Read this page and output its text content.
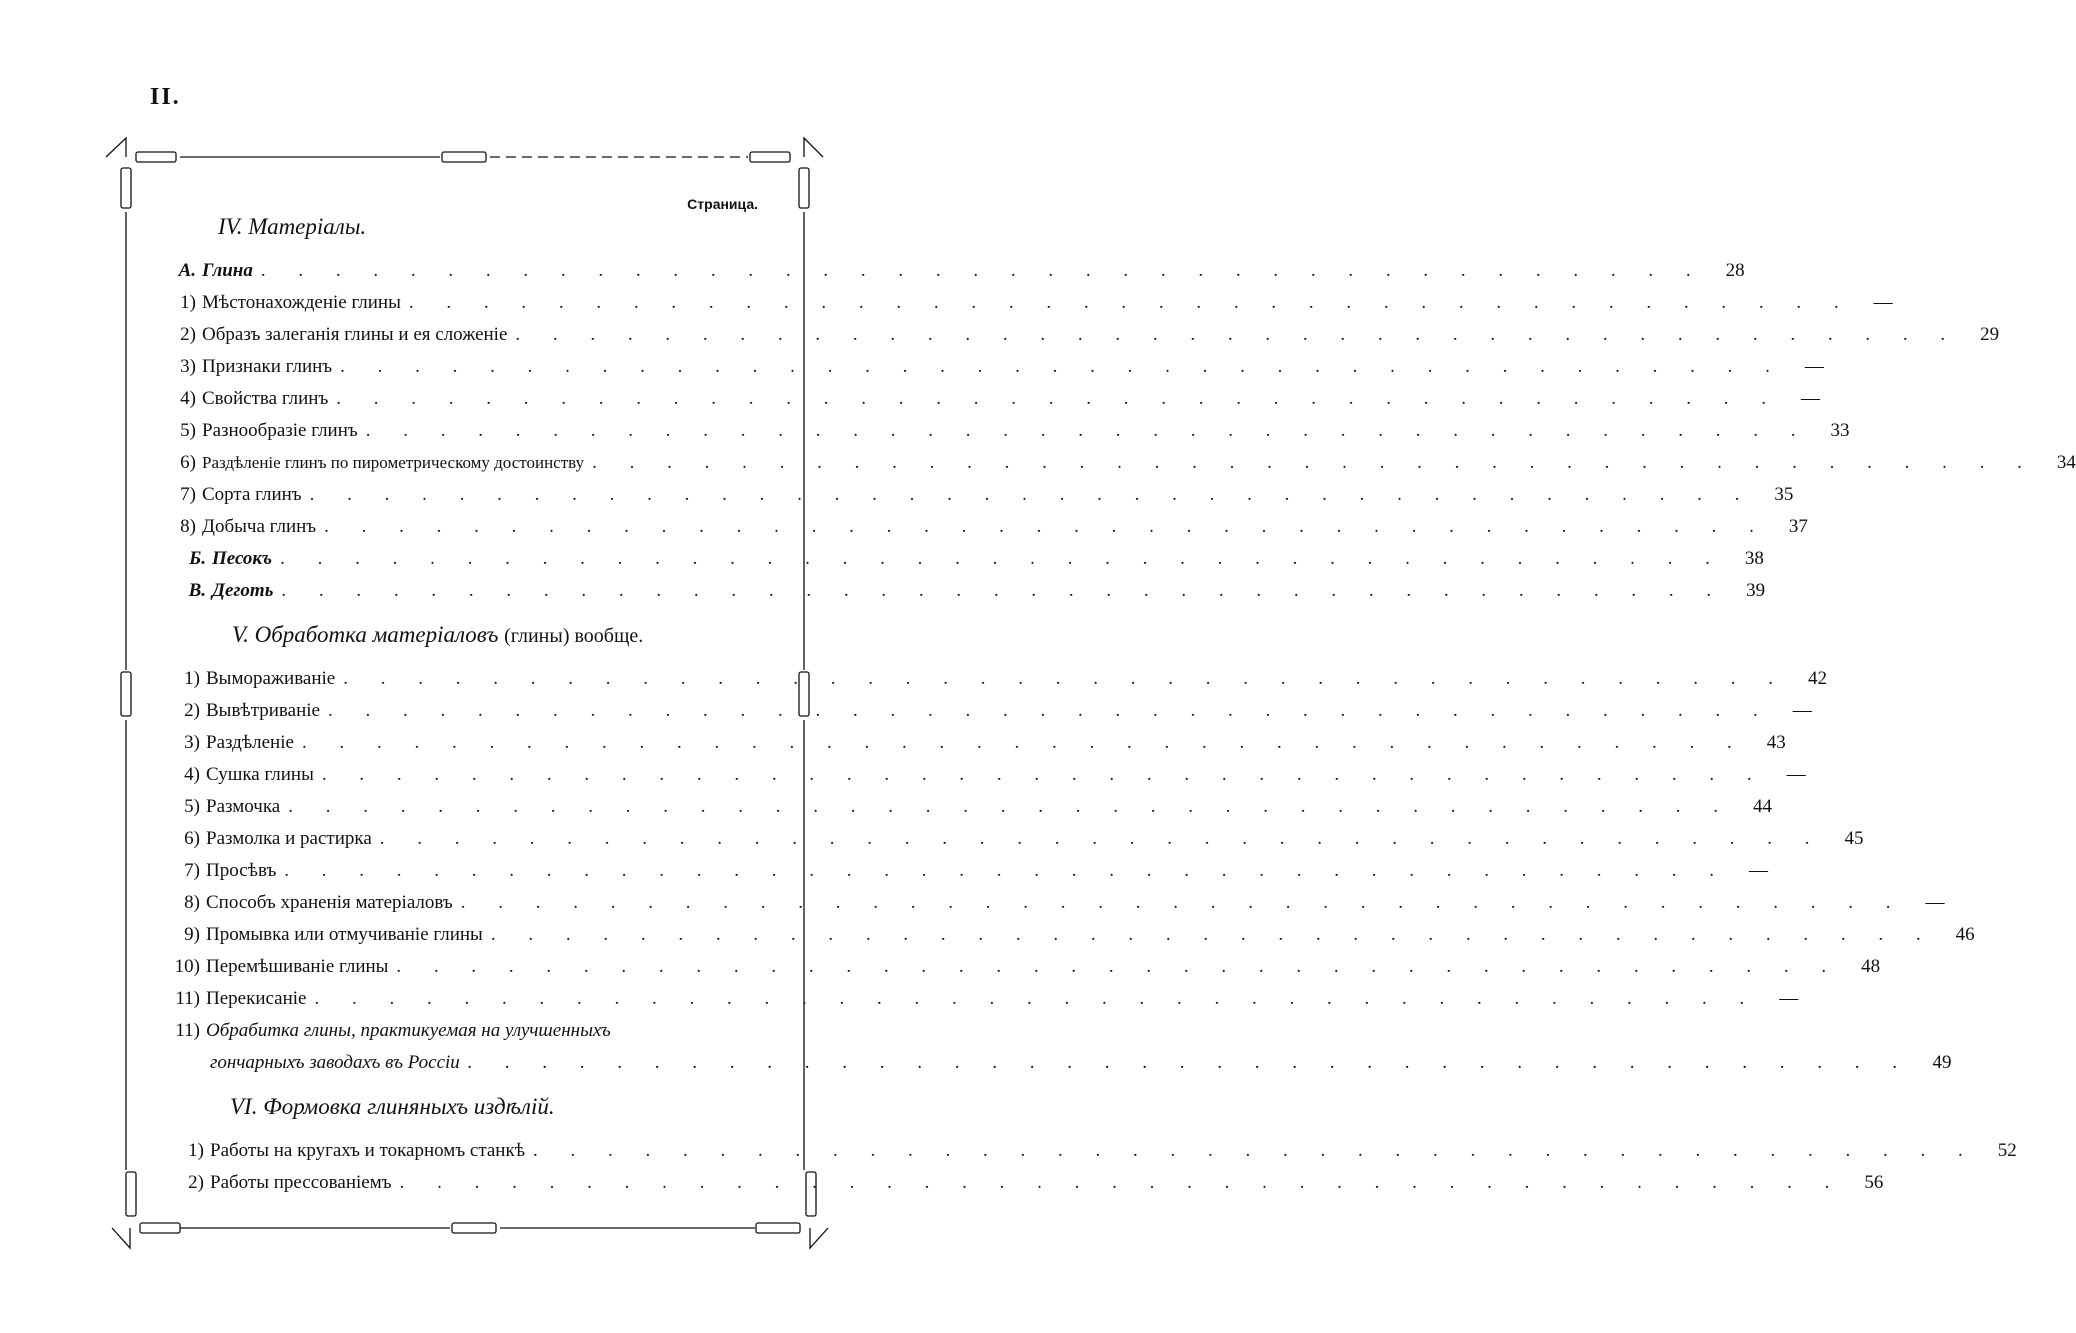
II.
Страница.
IV. Матеріалы.
А. Глина . . . . . . . . . . . . . . . . . . . . . . . . . . . . . . . . . . . . . . .	28
1) Мѣстонахожденіе глины . . . . . . . . . . . . . . . . . . . . . . . . . . . . . . . . . . . . . . .	—
2) Образъ залеганія глины и ея сложеніе . . . . . . . . . . . . . . . . . . . . . . . . . . . . . . . . . . . . . . .	29
3) Признаки глинъ . . . . . . . . . . . . . . . . . . . . . . . . . . . . . . . . . . . . . . .	—
4) Свойства глинъ . . . . . . . . . . . . . . . . . . . . . . . . . . . . . . . . . . . . . . .	—
5) Разнообразіе глинъ . . . . . . . . . . . . . . . . . . . . . . . . . . . . . . . . . . . . . . .	33
6) Раздѣленіе глинъ по пирометрическому достоинству . . . . . . . . . . . . . . . . . . . . . . . . . . . . . . . . . . . . . . .	34
7) Сорта глинъ . . . . . . . . . . . . . . . . . . . . . . . . . . . . . . . . . . . . . . .	35
8) Добыча глинъ . . . . . . . . . . . . . . . . . . . . . . . . . . . . . . . . . . . . . . .	37
Б. Песокъ . . . . . . . . . . . . . . . . . . . . . . . . . . . . . . . . . . . . . . .	38
В. Деготь . . . . . . . . . . . . . . . . . . . . . . . . . . . . . . . . . . . . . . .	39
V. Обработка матеріаловъ (глины) вообще.
1) Вымораживаніе . . . . . . . . . . . . . . . . . . . . . . . . . . . . . . . . . . . . . . .	42
2) Вывѣтриваніе . . . . . . . . . . . . . . . . . . . . . . . . . . . . . . . . . . . . . . .	—
3) Раздѣленіе . . . . . . . . . . . . . . . . . . . . . . . . . . . . . . . . . . . . . . .	43
4) Сушка глины . . . . . . . . . . . . . . . . . . . . . . . . . . . . . . . . . . . . . . .	—
5) Размочка . . . . . . . . . . . . . . . . . . . . . . . . . . . . . . . . . . . . . . .	44
6) Размолка и растирка . . . . . . . . . . . . . . . . . . . . . . . . . . . . . . . . . . . . . . .	45
7) Просѣвъ . . . . . . . . . . . . . . . . . . . . . . . . . . . . . . . . . . . . . . .	—
8) Способъ храненія матеріаловъ . . . . . . . . . . . . . . . . . . . . . . . . . . . . . . . . . . . . . . .	—
9) Промывка или отмучиваніе глины . . . . . . . . . . . . . . . . . . . . . . . . . . . . . . . . . . . . . . .	46
10) Перемѣшиваніе глины . . . . . . . . . . . . . . . . . . . . . . . . . . . . . . . . . . . . . . .	48
11) Перекисаніе . . . . . . . . . . . . . . . . . . . . . . . . . . . . . . . . . . . . . . .	—
11) Обрабитка глины, практикуемая на улучшенныхъ
гончарныхъ заводахъ въ Россіи . . . . . . . . . . . . . . . . . . . . . . . . . . . . . . . . . . . . . . .	49
VI. Формовка глиняныхъ издѣлій.
1) Работы на кругахъ и токарномъ станкѣ . . . . . . . . . . . . . . . . . . . . . . . . . . . . . . . . . . . . . . .	52
2) Работы прессованіемъ . . . . . . . . . . . . . . . . . . . . . . . . . . . . . . . . . . . . . . .	56
